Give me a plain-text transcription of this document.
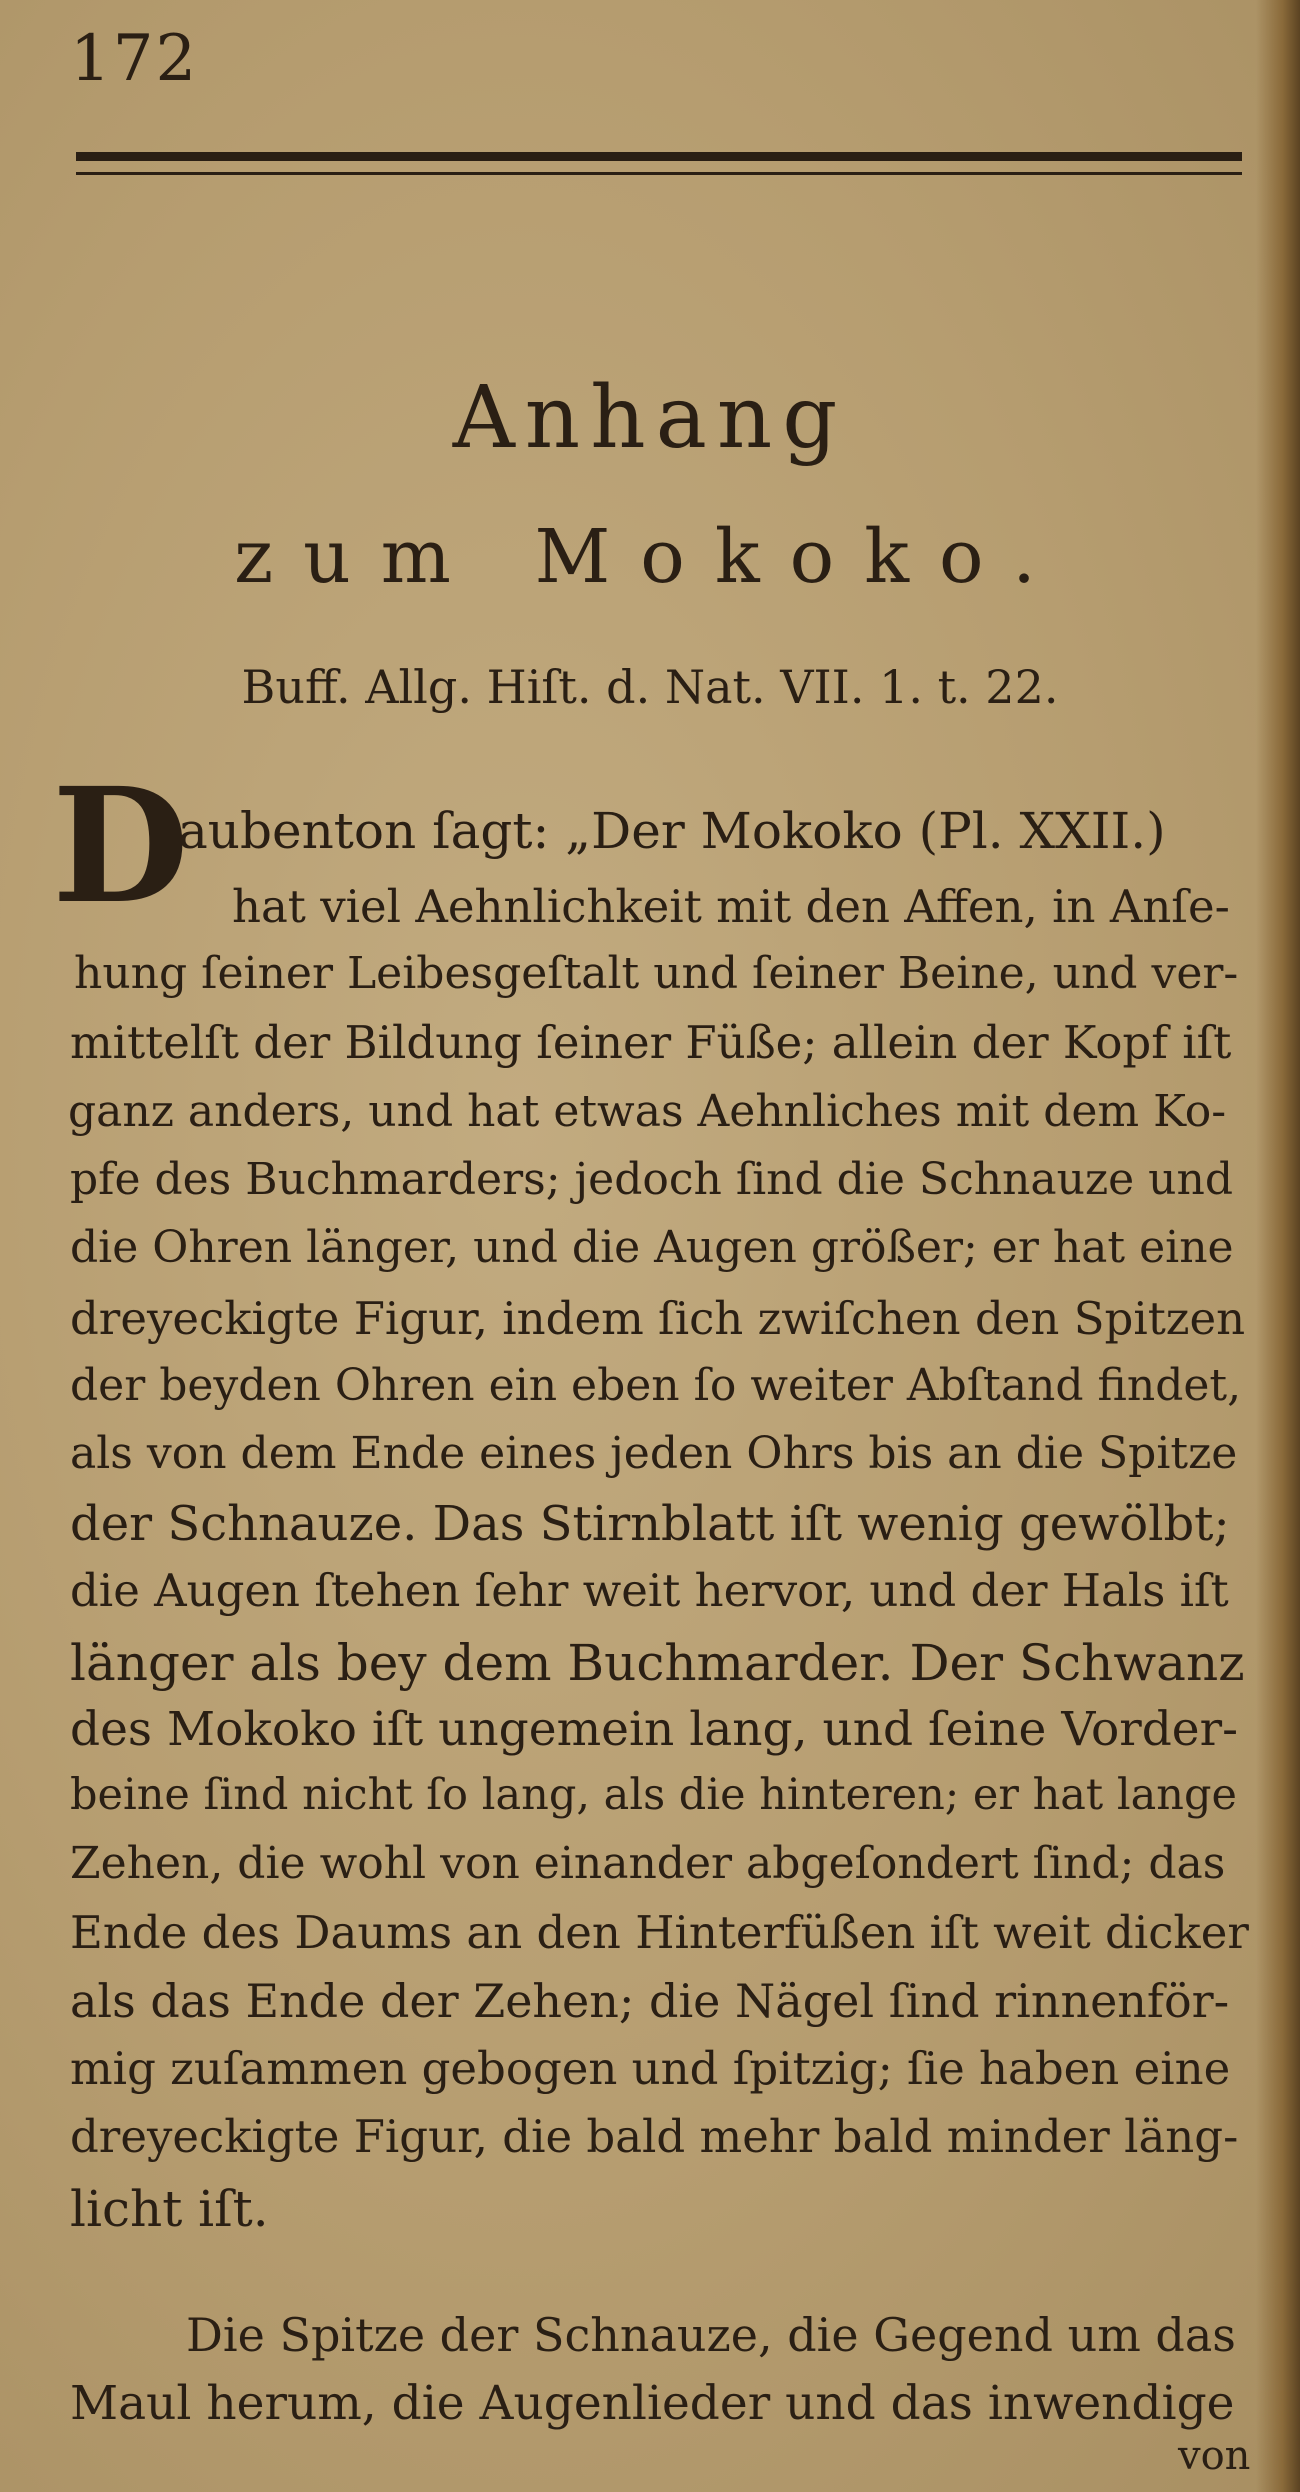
172
Anhang
zum Mokoko.
Buff. Allg. Hiſt. d. Nat. VII. 1. t. 22.
D
aubenton ſagt: „Der Mokoko (Pl. XXII.)
hat viel Aehnlichkeit mit den Affen, in Anſe-
hung ſeiner Leibesgeſtalt und ſeiner Beine, und ver-
mittelſt der Bildung ſeiner Füße; allein der Kopf iſt
ganz anders, und hat etwas Aehnliches mit dem Ko-
pfe des Buchmarders; jedoch ſind die Schnauze und
die Ohren länger, und die Augen größer; er hat eine
dreyeckigte Figur, indem ſich zwiſchen den Spitzen
der beyden Ohren ein eben ſo weiter Abſtand findet,
als von dem Ende eines jeden Ohrs bis an die Spitze
der Schnauze. Das Stirnblatt iſt wenig gewölbt;
die Augen ſtehen ſehr weit hervor, und der Hals iſt
länger als bey dem Buchmarder. Der Schwanz
des Mokoko iſt ungemein lang, und ſeine Vorder-
beine ſind nicht ſo lang, als die hinteren; er hat lange
Zehen, die wohl von einander abgeſondert ſind; das
Ende des Daums an den Hinterfüßen iſt weit dicker
als das Ende der Zehen; die Nägel ſind rinnenför-
mig zuſammen gebogen und ſpitzig; ſie haben eine
dreyeckigte Figur, die bald mehr bald minder läng-
licht iſt.
Die Spitze der Schnauze, die Gegend um das
Maul herum, die Augenlieder und das inwendige
von
